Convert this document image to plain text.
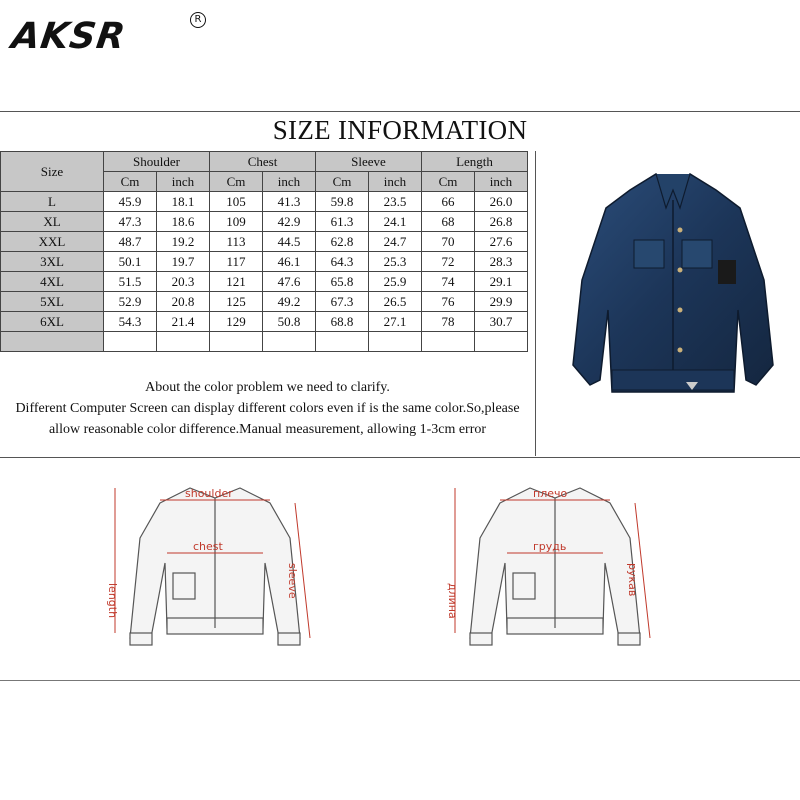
AKSR	R
SIZE INFORMATION
Size	Shoulder		Chest		Sleeve		Length	
	Cm	inch	Cm	inch	Cm	inch	Cm	inch
L	45.9	18.1	105	41.3	59.8	23.5	66	26.0
XL	47.3	18.6	109	42.9	61.3	24.1	68	26.8
XXL	48.7	19.2	113	44.5	62.8	24.7	70	27.6
3XL	50.1	19.7	117	46.1	64.3	25.3	72	28.3
4XL	51.5	20.3	121	47.6	65.8	25.9	74	29.1
5XL	52.9	20.8	125	49.2	67.3	26.5	76	29.9
6XL	54.3	21.4	129	50.8	68.8	27.1	78	30.7

About the color problem we need to clarify.
Different Computer Screen can display different colors even if is the same color.So,please
allow reasonable color difference.Manual measurement, allowing 1-3cm error
shoulder
chest
length
sleeve
плечо
грудь
длина
рукав
